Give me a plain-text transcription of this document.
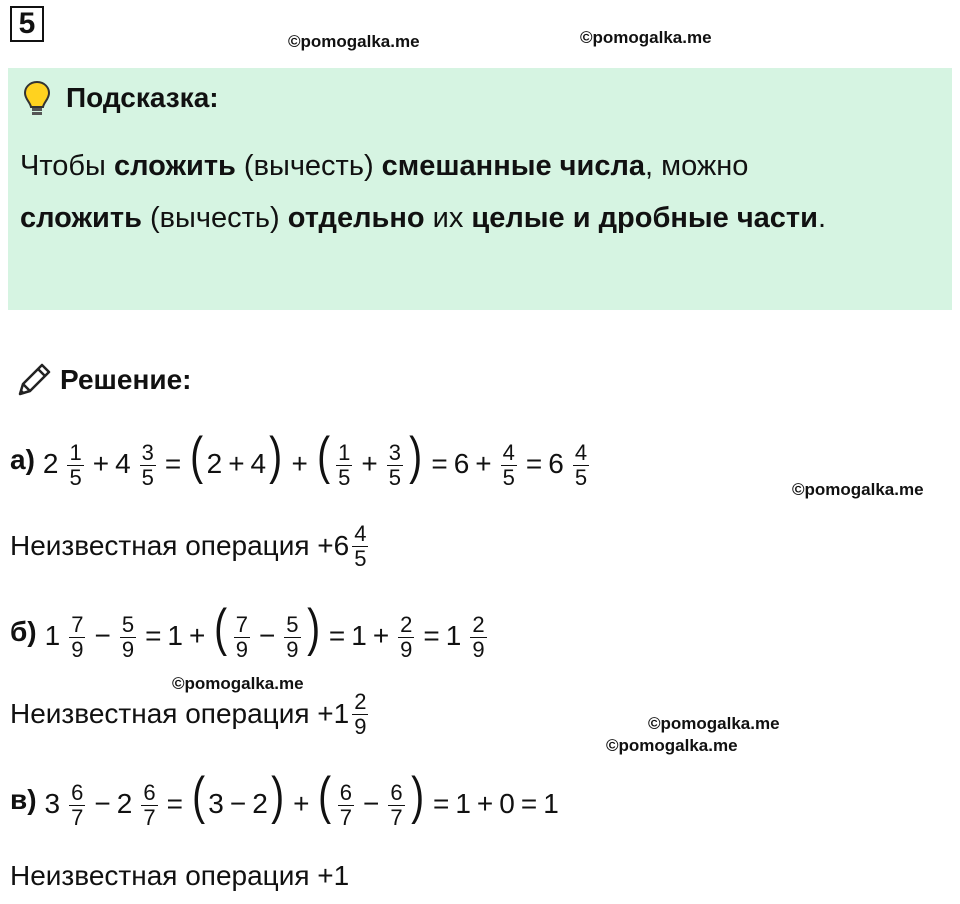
5
©pomogalka.me	©pomogalka.me
Подсказка:
Чтобы сложить (вычесть) смешанные числа, можно
сложить (вычесть) отдельно их целые и дробные части.
Решение:
а) $2 \frac{1}{5} + 4 \frac{3}{5}$ = ( 2 + 4) + ( $\frac{1}{5} + \frac{3}{5}$ ) = $6 + \frac{4}{5} = 6 \frac{4}{5}$	©pomogalka.me
Неизвестная операция $+6 \frac{4}{5}$
б) $1 \frac{7}{9} - \frac{5}{9} = 1$ + ( $\frac{7}{9} - \frac{5}{9}$ ) = $1 + \frac{2}{9} = 1 \frac{2}{9}$
©pomogalka.me
Неизвестная операция $+1 \frac{2}{9}$	©pomogalka.me
©pomogalka.me
в) $3 \frac{6}{7} - 2 \frac{6}{7}$ = ( 3 − 2) + ( $\frac{6}{7} - \frac{6}{7}$ ) = 1 + 0 = 1
Неизвестная операция +1
